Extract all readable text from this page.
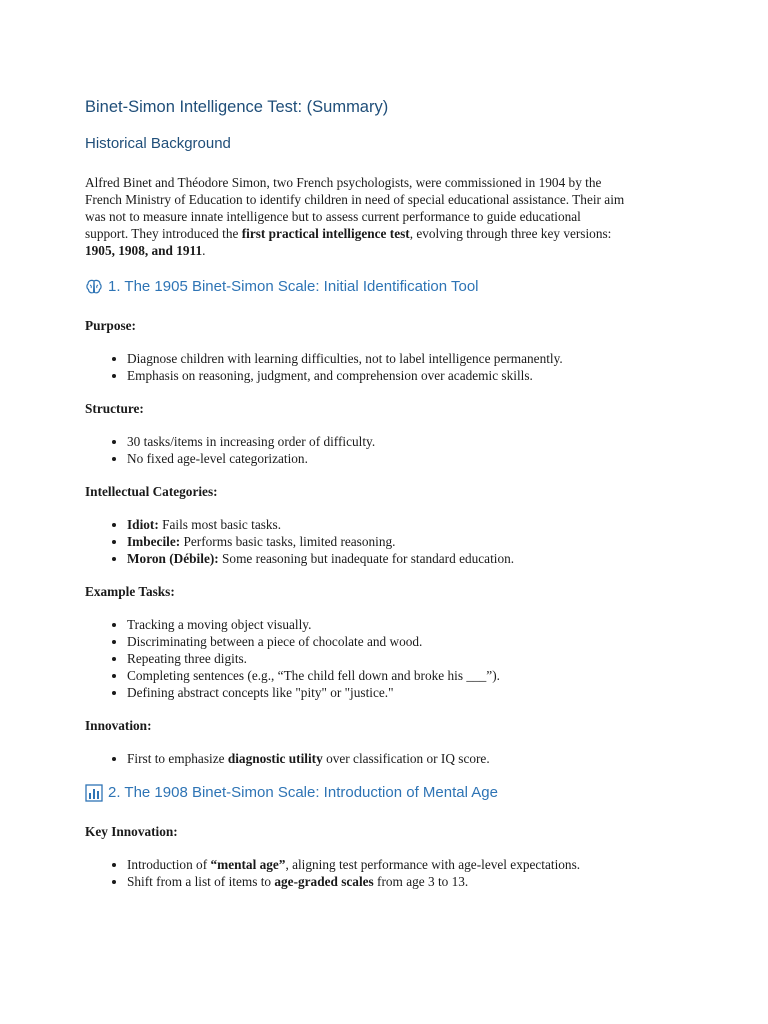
Binet-Simon Intelligence Test: (Summary)
Historical Background

Alfred Binet and Théodore Simon, two French psychologists, were commissioned in 1904 by the French Ministry of Education to identify children in need of special educational assistance. Their aim was not to measure innate intelligence but to assess current performance to guide educational support. They introduced the first practical intelligence test, evolving through three key versions: 1905, 1908, and 1911.

1. The 1905 Binet-Simon Scale: Initial Identification Tool
Purpose:
• Diagnose children with learning difficulties, not to label intelligence permanently.
• Emphasis on reasoning, judgment, and comprehension over academic skills.
Structure:
• 30 tasks/items in increasing order of difficulty.
• No fixed age-level categorization.
Intellectual Categories:
• Idiot: Fails most basic tasks.
• Imbecile: Performs basic tasks, limited reasoning.
• Moron (Débile): Some reasoning but inadequate for standard education.
Example Tasks:
• Tracking a moving object visually.
• Discriminating between a piece of chocolate and wood.
• Repeating three digits.
• Completing sentences (e.g., “The child fell down and broke his ___”).
• Defining abstract concepts like "pity" or "justice."
Innovation:
• First to emphasize diagnostic utility over classification or IQ score.
2. The 1908 Binet-Simon Scale: Introduction of Mental Age
Key Innovation:
• Introduction of “mental age”, aligning test performance with age-level expectations.
• Shift from a list of items to age-graded scales from age 3 to 13.
